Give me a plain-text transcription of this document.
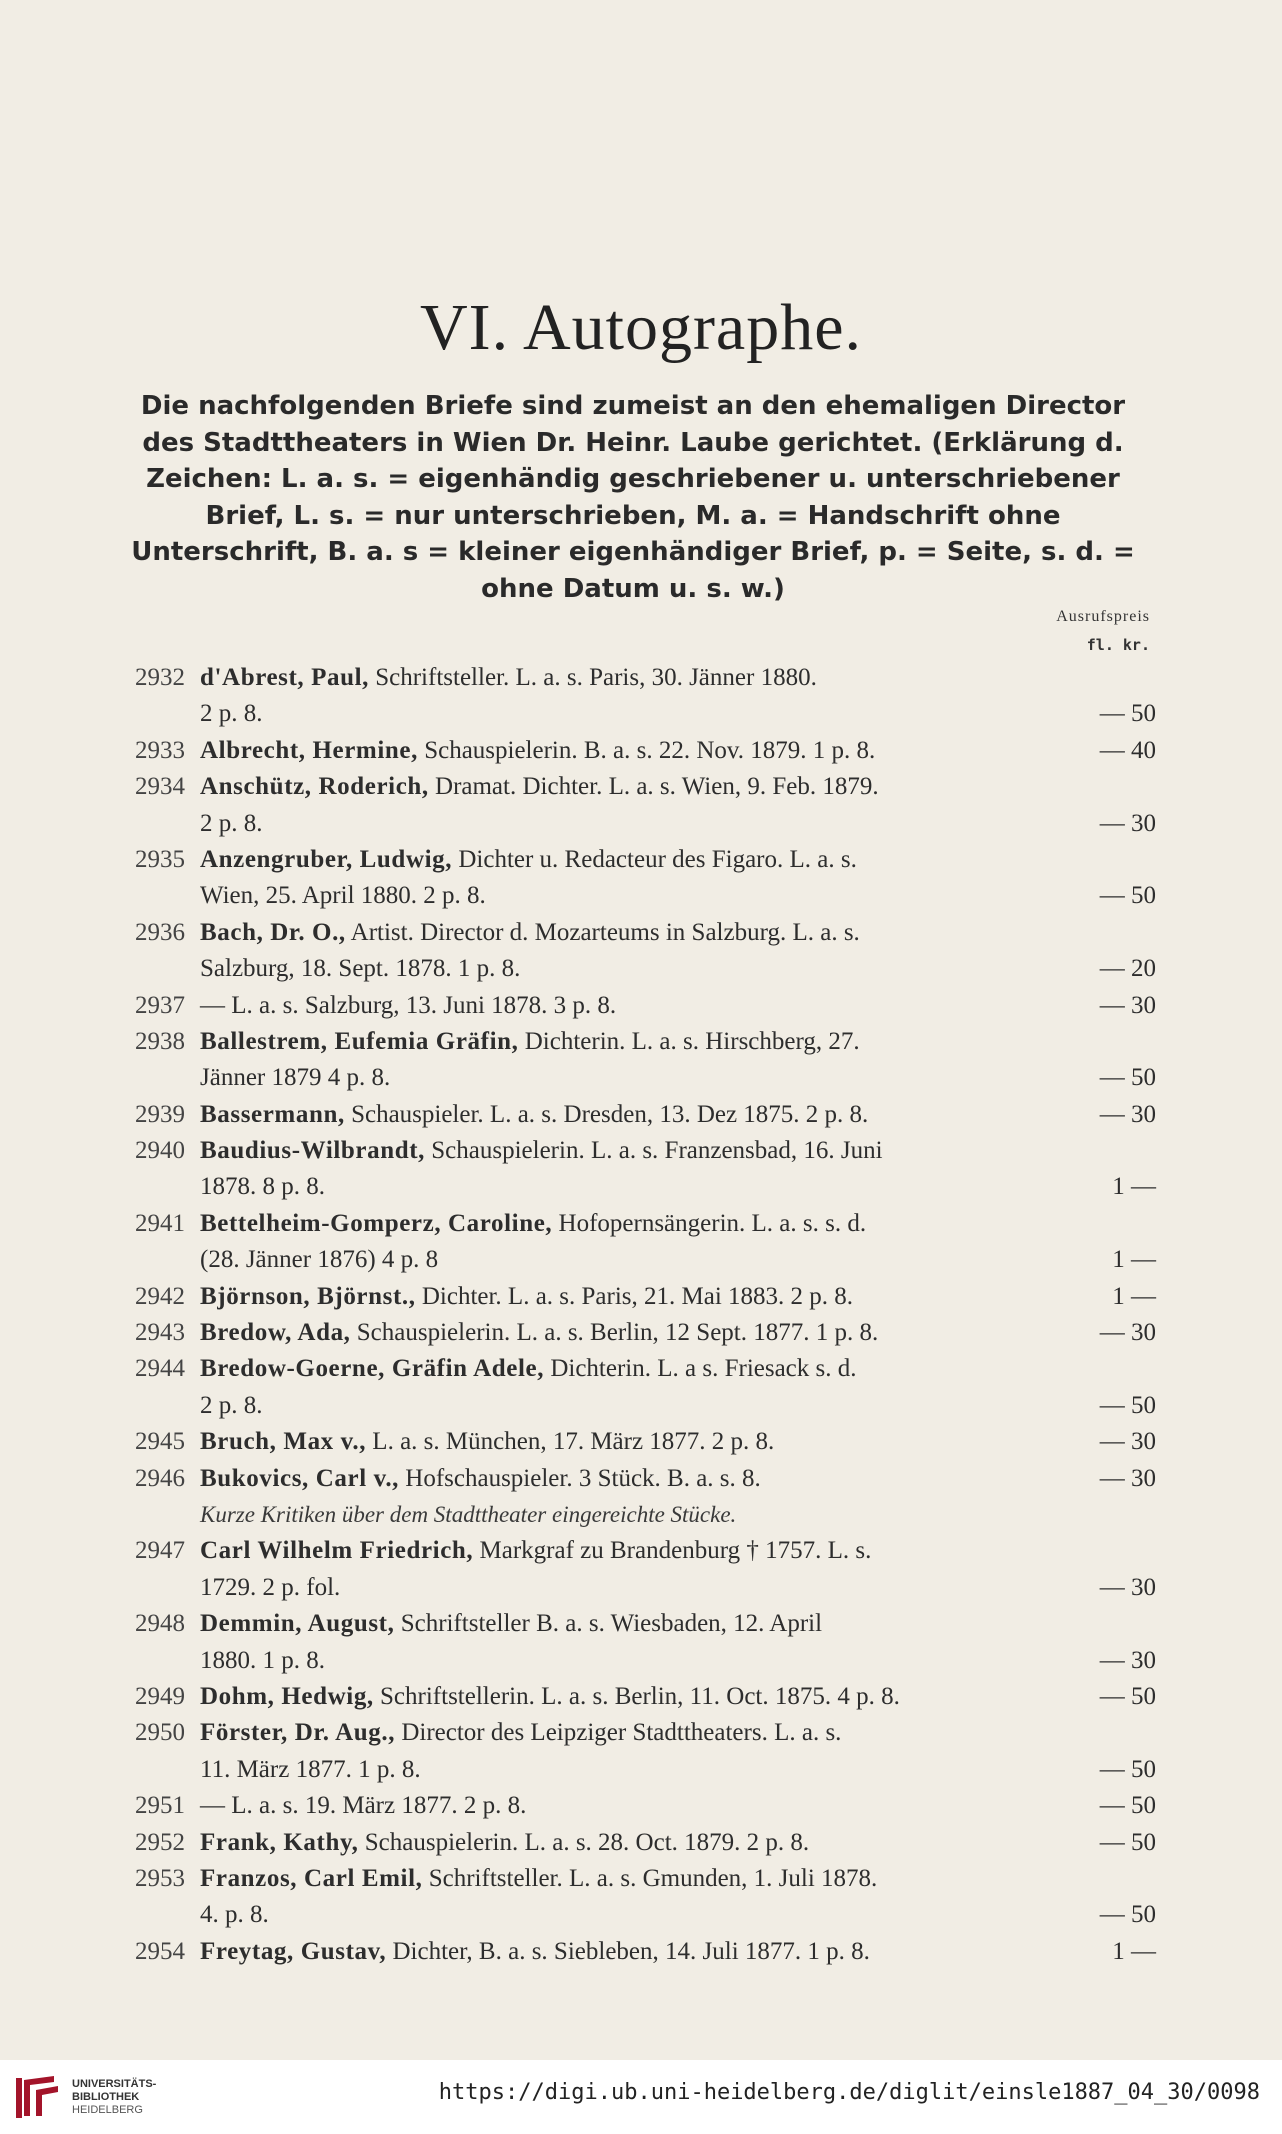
VI. Autographe.
Die nachfolgenden Briefe sind zumeist an den ehemaligen Director des Stadttheaters in Wien Dr. Heinr. Laube gerichtet. (Erklärung d. Zeichen: L. a. s. = eigenhändig geschriebener u. unterschriebener Brief, L. s. = nur unterschrieben, M. a. = Handschrift ohne Unterschrift, B. a. s = kleiner eigenhändiger Brief, p. = Seite, s. d. = ohne Datum u. s. w.)
Ausrufspreis
fl. kr.
2932 d'Abrest, Paul, Schriftsteller. L. a. s. Paris, 30. Jänner 1880.
2 p. 8.	— 50
2933 Albrecht, Hermine, Schauspielerin. B. a. s. 22. Nov. 1879. 1 p. 8.	— 40
2934 Anschütz, Roderich, Dramat. Dichter. L. a. s. Wien, 9. Feb. 1879.
2 p. 8.	— 30
2935 Anzengruber, Ludwig, Dichter u. Redacteur des Figaro. L. a. s.
Wien, 25. April 1880. 2 p. 8.	— 50
2936 Bach, Dr. O., Artist. Director d. Mozarteums in Salzburg. L. a. s.
Salzburg, 18. Sept. 1878. 1 p. 8.	— 20
2937 — L. a. s. Salzburg, 13. Juni 1878. 3 p. 8.	— 30
2938 Ballestrem, Eufemia Gräfin, Dichterin. L. a. s. Hirschberg, 27.
Jänner 1879 4 p. 8.	— 50
2939 Bassermann, Schauspieler. L. a. s. Dresden, 13. Dez 1875. 2 p. 8.	— 30
2940 Baudius-Wilbrandt, Schauspielerin. L. a. s. Franzensbad, 16. Juni
1878. 8 p. 8.	1 —
2941 Bettelheim-Gomperz, Caroline, Hofopernsängerin. L. a. s. s. d.
(28. Jänner 1876) 4 p. 8	1 —
2942 Björnson, Björnst., Dichter. L. a. s. Paris, 21. Mai 1883. 2 p. 8.	1 —
2943 Bredow, Ada, Schauspielerin. L. a. s. Berlin, 12 Sept. 1877. 1 p. 8.	— 30
2944 Bredow-Goerne, Gräfin Adele, Dichterin. L. a s. Friesack s. d.
2 p. 8.	— 50
2945 Bruch, Max v., L. a. s. München, 17. März 1877. 2 p. 8.	— 30
2946 Bukovics, Carl v., Hofschauspieler. 3 Stück. B. a. s. 8.	— 30
Kurze Kritiken über dem Stadttheater eingereichte Stücke.
2947 Carl Wilhelm Friedrich, Markgraf zu Brandenburg † 1757. L. s.
1729. 2 p. fol.	— 30
2948 Demmin, August, Schriftsteller B. a. s. Wiesbaden, 12. April
1880. 1 p. 8.	— 30
2949 Dohm, Hedwig, Schriftstellerin. L. a. s. Berlin, 11. Oct. 1875. 4 p. 8.	— 50
2950 Förster, Dr. Aug., Director des Leipziger Stadttheaters. L. a. s.
11. März 1877. 1 p. 8.	— 50
2951 — L. a. s. 19. März 1877. 2 p. 8.	— 50
2952 Frank, Kathy, Schauspielerin. L. a. s. 28. Oct. 1879. 2 p. 8.	— 50
2953 Franzos, Carl Emil, Schriftsteller. L. a. s. Gmunden, 1. Juli 1878.
4. p. 8.	— 50
2954 Freytag, Gustav, Dichter, B. a. s. Siebleben, 14. Juli 1877. 1 p. 8.	1 —
UNIVERSITÄTS-
BIBLIOTHEK
HEIDELBERG
https://digi.ub.uni-heidelberg.de/diglit/einsle1887_04_30/0098
